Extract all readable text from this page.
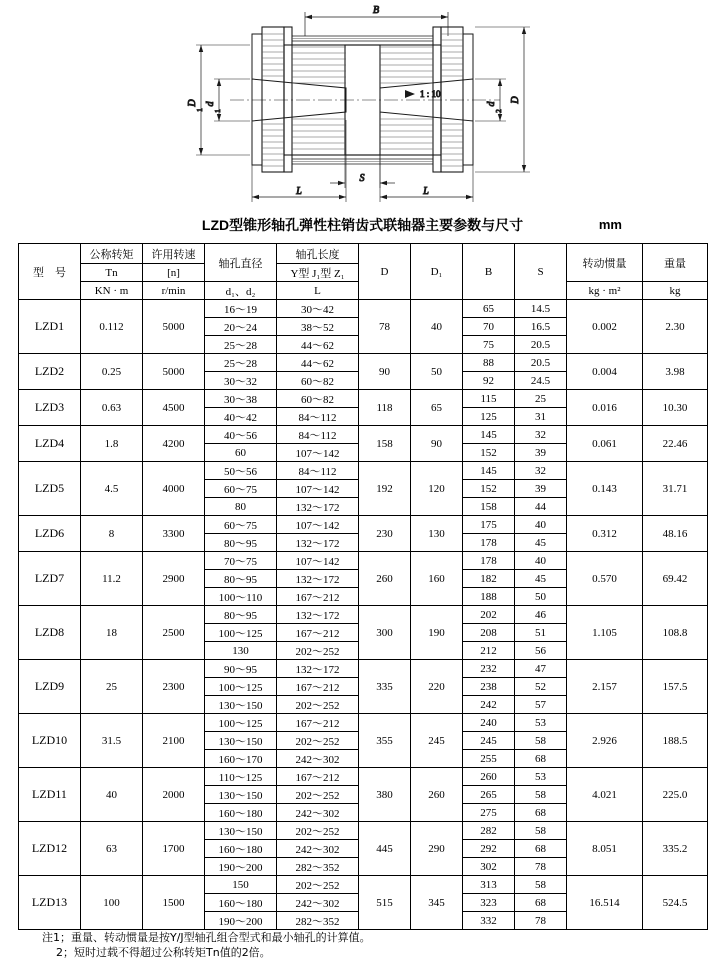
B
1 : 10
d
1
D
1
D
d
2
S
L	L
LZD型锥形轴孔弹性柱销齿式联轴器主要参数与尺寸	mm
型　号	公称转矩	许用转速	轴孔直径	轴孔长度	D	D₁	B	S	转动惯量	重量
	Tn	[n]		Y型 J₁型 Z₁						
	KN · m	r/min	d₁、d₂	L					kg · m²	kg
LZD1	0.112	5000	16～19	30～42	78	40	65	14.5	0.002	2.30
			20～24	38～52			70	16.5		
			25～28	44～62			75	20.5		
LZD2	0.25	5000	25～28	44～62	90	50	88	20.5	0.004	3.98
			30～32	60～82			92	24.5		
LZD3	0.63	4500	30～38	60～82	118	65	115	25	0.016	10.30
			40～42	84～112			125	31		
LZD4	1.8	4200	40～56	84～112	158	90	145	32	0.061	22.46
			60	107～142			152	39		
LZD5	4.5	4000	50～56	84～112	192	120	145	32	0.143	31.71
			60～75	107～142			152	39		
			80	132～172			158	44		
LZD6	8	3300	60～75	107～142	230	130	175	40	0.312	48.16
			80～95	132～172			178	45		
LZD7	11.2	2900	70～75	107～142	260	160	178	40	0.570	69.42
			80～95	132～172			182	45		
			100～110	167～212			188	50		
LZD8	18	2500	80～95	132～172	300	190	202	46	1.105	108.8
			100～125	167～212			208	51		
			130	202～252			212	56		
LZD9	25	2300	90～95	132～172	335	220	232	47	2.157	157.5
			100～125	167～212			238	52		
			130～150	202～252			242	57		
LZD10	31.5	2100	100～125	167～212	355	245	240	53	2.926	188.5
			130～150	202～252			245	58		
			160～170	242～302			255	68		
LZD11	40	2000	110～125	167～212	380	260	260	53	4.021	225.0
			130～150	202～252			265	58		
			160～180	242～302			275	68		
LZD12	63	1700	130～150	202～252	445	290	282	58	8.051	335.2
			160～180	242～302			292	68		
			190～200	282～352			302	78		
LZD13	100	1500	150	202～252	515	345	313	58	16.514	524.5
			160～180	242～302			323	68		
			190～200	282～352			332	78		
注1；重量、转动惯量是按Y/J型轴孔组合型式和最小轴孔的计算值。
2；短时过载不得超过公称转矩Tn值的2倍。
